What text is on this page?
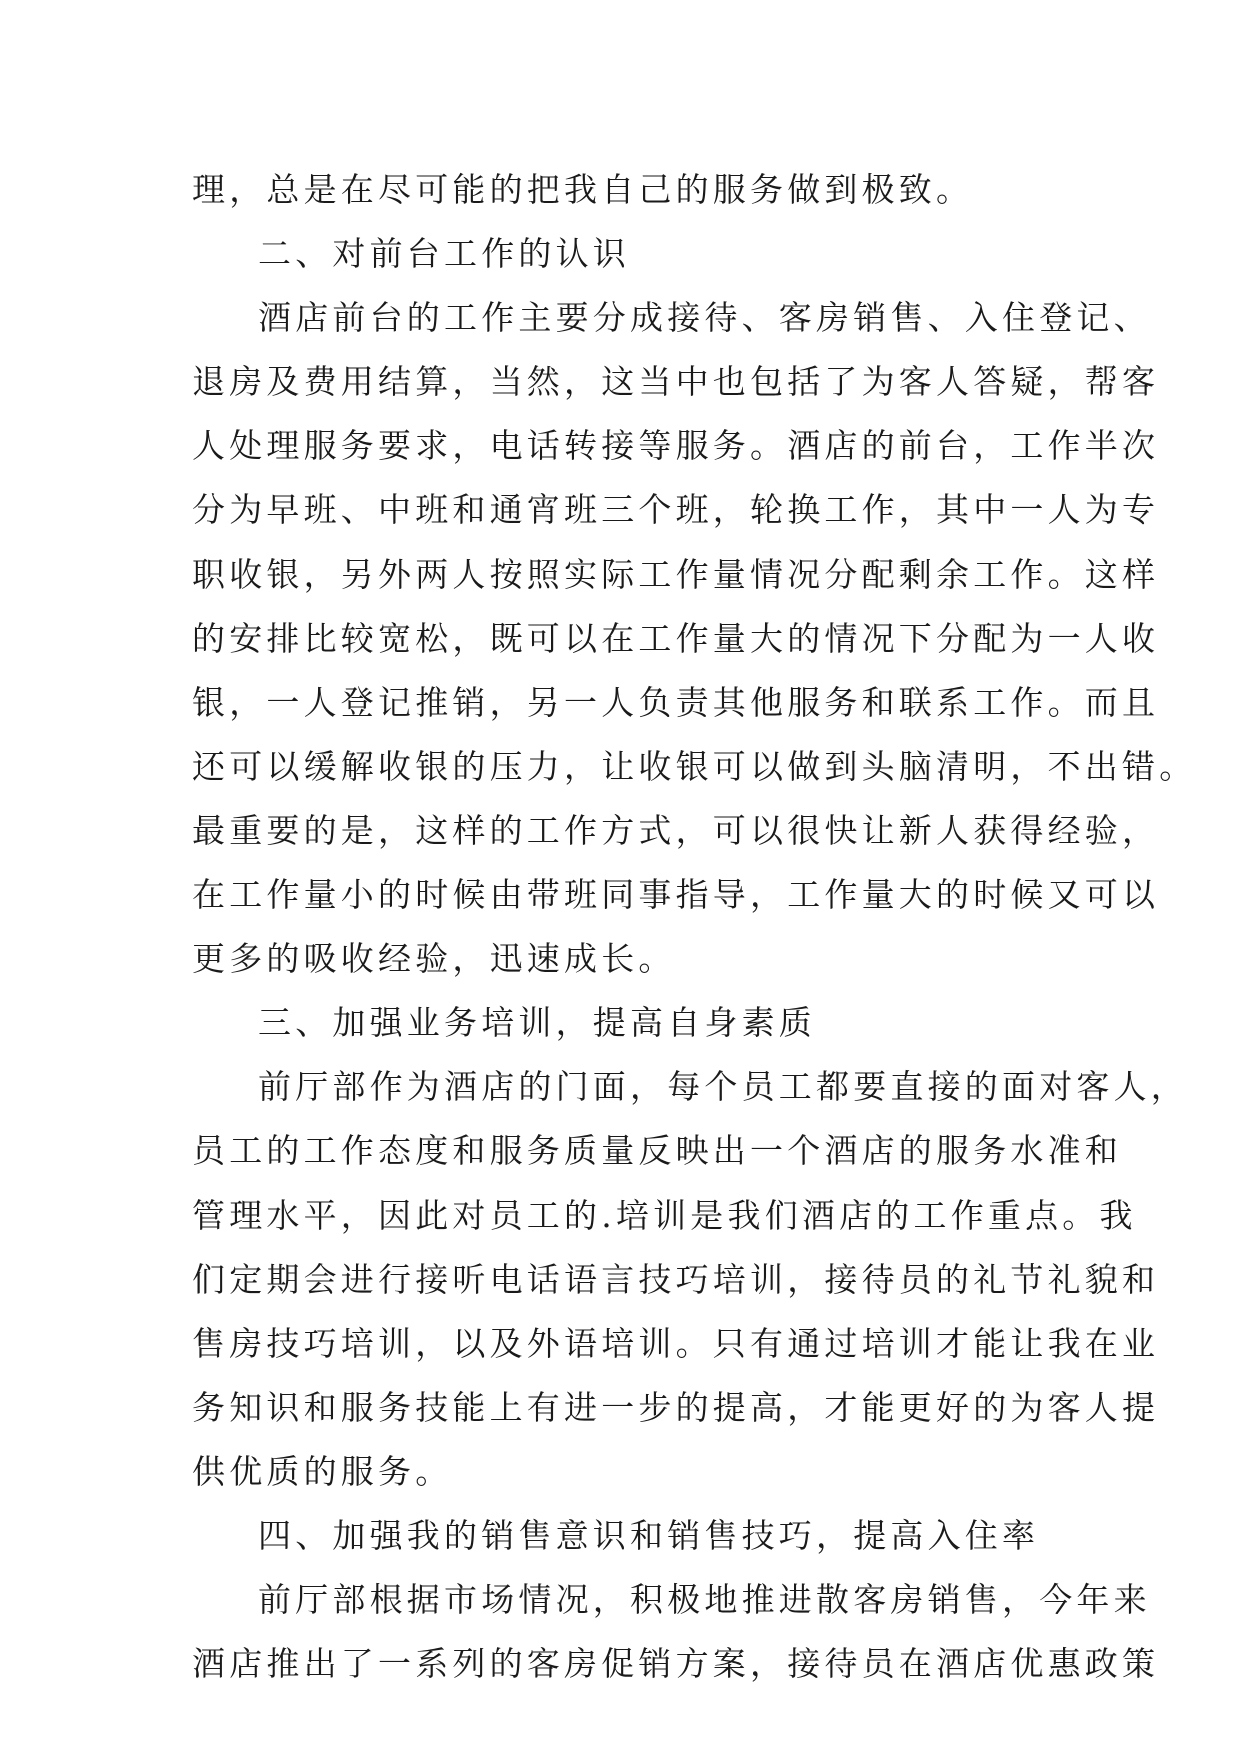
理，总是在尽可能的把我自己的服务做到极致。
二、对前台工作的认识
酒店前台的工作主要分成接待、客房销售、入住登记、
退房及费用结算，当然，这当中也包括了为客人答疑，帮客
人处理服务要求，电话转接等服务。酒店的前台，工作半次
分为早班、中班和通宵班三个班，轮换工作，其中一人为专
职收银，另外两人按照实际工作量情况分配剩余工作。这样
的安排比较宽松，既可以在工作量大的情况下分配为一人收
银，一人登记推销，另一人负责其他服务和联系工作。而且
还可以缓解收银的压力，让收银可以做到头脑清明，不出错。
最重要的是，这样的工作方式，可以很快让新人获得经验，
在工作量小的时候由带班同事指导，工作量大的时候又可以
更多的吸收经验，迅速成长。
三、加强业务培训，提高自身素质
前厅部作为酒店的门面，每个员工都要直接的面对客人，
员工的工作态度和服务质量反映出一个酒店的服务水准和
管理水平，因此对员工的.培训是我们酒店的工作重点。我
们定期会进行接听电话语言技巧培训，接待员的礼节礼貌和
售房技巧培训，以及外语培训。只有通过培训才能让我在业
务知识和服务技能上有进一步的提高，才能更好的为客人提
供优质的服务。
四、加强我的销售意识和销售技巧，提高入住率
前厅部根据市场情况，积极地推进散客房销售，今年来
酒店推出了一系列的客房促销方案，接待员在酒店优惠政策
